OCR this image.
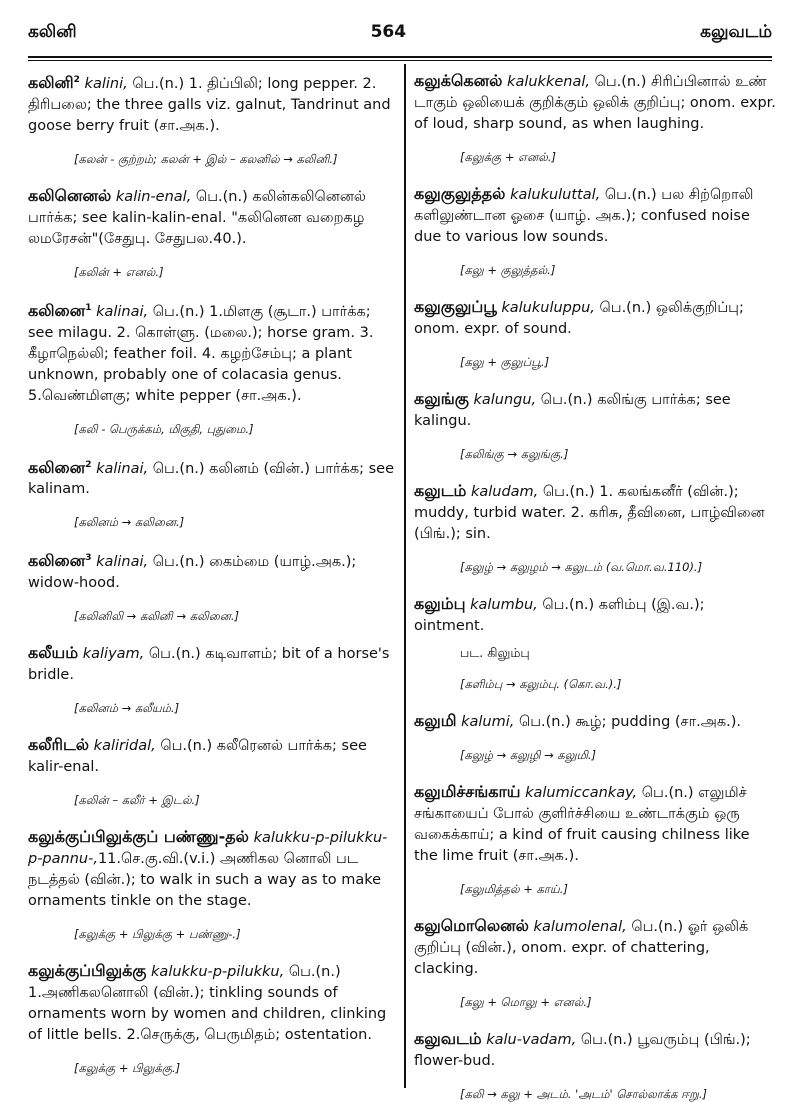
கலினி	564	கலுவடம்
கலினி$^2$ kalini, பெ.(n.) 1. திப்பிலி; long pepper. 2. திரிபலை; the three galls viz. galnut, Tandrinut and goose berry fruit (சா.அக.).
[கலன் - குற்றம்; கலன் + இல் – கலனில் → கலினி.]
கலினெனல் kalin-enal, பெ.(n.) கலின்கலினெனல் பார்க்க; see kalin-kalin-enal. "கலினென வறைகழ லமரேசன்"(சேதுபு. சேதுபல.40.).
[கலின் + எனல்.]
கலினை$^1$ kalinai, பெ.(n.) 1.மிளகு (சூடா.) பார்க்க; see milagu. 2. கொள்ளு. (மலை.); horse gram. 3. கீழாநெல்லி; feather foil. 4. கழற்சேம்பு; a plant unknown, probably one of colacasia genus. 5.வெண்மிளகு; white pepper (சா.அக.).
[கலி - பெருக்கம், மிகுதி, புதுமை.]
கலினை$^2$ kalinai, பெ.(n.) கலினம் (வின்.) பார்க்க; see kalinam.
[கலினம் → கலினை.]
கலினை$^3$ kalinai, பெ.(n.) கைம்மை (யாழ்.அக.); widow-hood.
[கலினிலி → கலினி → கலினை.]
கலீயம் kaliyam, பெ.(n.) கடிவாளம்; bit of a horse's bridle.
[கலினம் → கலீயம்.]
கலீரிடல் kaliridal, பெ.(n.) கலீரெனல் பார்க்க; see kalir-enal.
[கலின் – கலீர் + இடல்.]
கலுக்குப்பிலுக்குப் பண்ணு-தல் kalukku-p-pilukku-p-pannu-,11.செ.கு.வி.(v.i.) அணிகல னொலி பட நடத்தல் (வின்.); to walk in such a way as to make ornaments tinkle on the stage.
[கலுக்கு + பிலுக்கு + பண்ணு-.]
கலுக்குப்பிலுக்கு kalukku-p-pilukku, பெ.(n.) 1.அணிகலனொலி (வின்.); tinkling sounds of ornaments worn by women and children, clinking of little bells. 2.செருக்கு, பெருமிதம்; ostentation.
[கலுக்கு + பிலுக்கு.]
கலுக்கெனல் kalukkenal, பெ.(n.) சிரிப்பினால் உண் டாகும் ஒலியைக் குறிக்கும் ஒலிக் குறிப்பு; onom. expr. of loud, sharp sound, as when laughing.
[கலுக்கு + எனல்.]
கலுகுலுத்தல் kalukuluttal, பெ.(n.) பல சிற்றொலி களிலுண்டான ஓசை (யாழ். அக.); confused noise due to various low sounds.
[கலு + குலுத்தல்.]
கலுகுலுப்பூ kalukuluppu, பெ.(n.) ஒலிக்குறிப்பு; onom. expr. of sound.
[கலு + குலுப்பூ.]
கலுங்கு kalungu, பெ.(n.) கலிங்கு பார்க்க; see kalingu.
[கலிங்கு → கலுங்கு.]
கலுடம் kaludam, பெ.(n.) 1. கலங்கனீர் (வின்.); muddy, turbid water. 2. கரிசு, தீவினை, பாழ்வினை (பிங்.); sin.
[கலுழ் → கலுழம் → கலுடம் (வ.மொ.வ.110).]
கலும்பு kalumbu, பெ.(n.) களிம்பு (இ.வ.); ointment.
பட. கிலும்பு
[களிம்பு → கலும்பு. (கொ.வ.).]
கலுமி kalumi, பெ.(n.) கூழ்; pudding (சா.அக.).
[கலுழ் → கலுழி → கலுமி.]
கலுமிச்சங்காய் kalumiccankay, பெ.(n.) எலுமிச் சங்காயைப் போல் குளிர்ச்சியை உண்டாக்கும் ஒரு வகைக்காய்; a kind of fruit causing chilness like the lime fruit (சா.அக.).
[கலுமித்தல் + காய்.]
கலுமொலெனல் kalumolenal, பெ.(n.) ஓர் ஒலிக் குறிப்பு (வின்.), onom. expr. of chattering, clacking.
[கலு + மொலு + எனல்.]
கலுவடம் kalu-vadam, பெ.(n.) பூவரும்பு (பிங்.); flower-bud.
[கலி → கலு + அடம். 'அடம்' சொல்லாக்க ஈறு.]
